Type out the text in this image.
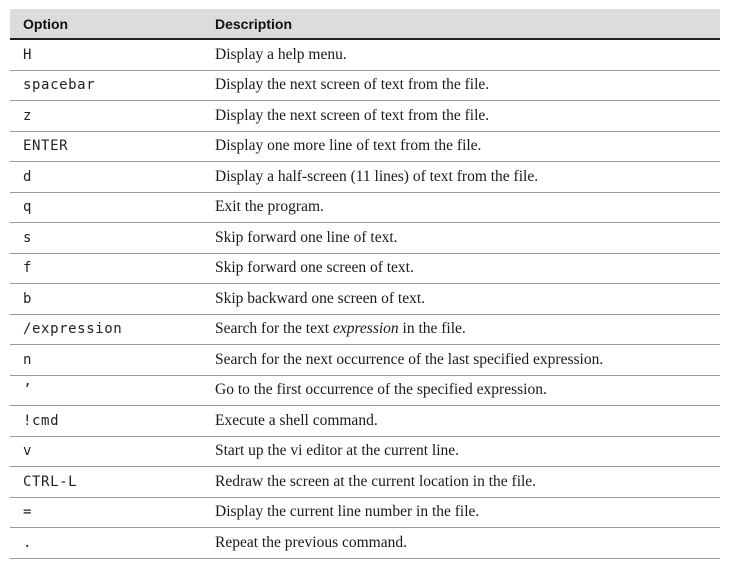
Option	Description
H	Display a help menu.
spacebar	Display the next screen of text from the file.
z	Display the next screen of text from the file.
ENTER	Display one more line of text from the file.
d	Display a half-screen (11 lines) of text from the file.
q	Exit the program.
s	Skip forward one line of text.
f	Skip forward one screen of text.
b	Skip backward one screen of text.
/expression	Search for the text expression in the file.
n	Search for the next occurrence of the last specified expression.
’	Go to the first occurrence of the specified expression.
!cmd	Execute a shell command.
v	Start up the vi editor at the current line.
CTRL-L	Redraw the screen at the current location in the file.
=	Display the current line number in the file.
.	Repeat the previous command.
